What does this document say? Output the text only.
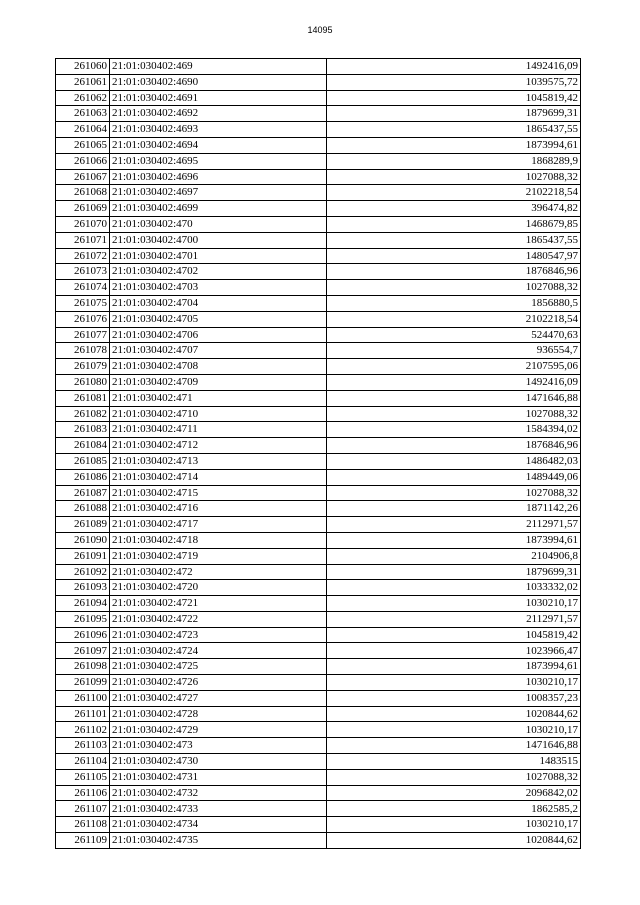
14095
261060	21:01:030402:469	1492416,09
261061	21:01:030402:4690	1039575,72
261062	21:01:030402:4691	1045819,42
261063	21:01:030402:4692	1879699,31
261064	21:01:030402:4693	1865437,55
261065	21:01:030402:4694	1873994,61
261066	21:01:030402:4695	1868289,9
261067	21:01:030402:4696	1027088,32
261068	21:01:030402:4697	2102218,54
261069	21:01:030402:4699	396474,82
261070	21:01:030402:470	1468679,85
261071	21:01:030402:4700	1865437,55
261072	21:01:030402:4701	1480547,97
261073	21:01:030402:4702	1876846,96
261074	21:01:030402:4703	1027088,32
261075	21:01:030402:4704	1856880,5
261076	21:01:030402:4705	2102218,54
261077	21:01:030402:4706	524470,63
261078	21:01:030402:4707	936554,7
261079	21:01:030402:4708	2107595,06
261080	21:01:030402:4709	1492416,09
261081	21:01:030402:471	1471646,88
261082	21:01:030402:4710	1027088,32
261083	21:01:030402:4711	1584394,02
261084	21:01:030402:4712	1876846,96
261085	21:01:030402:4713	1486482,03
261086	21:01:030402:4714	1489449,06
261087	21:01:030402:4715	1027088,32
261088	21:01:030402:4716	1871142,26
261089	21:01:030402:4717	2112971,57
261090	21:01:030402:4718	1873994,61
261091	21:01:030402:4719	2104906,8
261092	21:01:030402:472	1879699,31
261093	21:01:030402:4720	1033332,02
261094	21:01:030402:4721	1030210,17
261095	21:01:030402:4722	2112971,57
261096	21:01:030402:4723	1045819,42
261097	21:01:030402:4724	1023966,47
261098	21:01:030402:4725	1873994,61
261099	21:01:030402:4726	1030210,17
261100	21:01:030402:4727	1008357,23
261101	21:01:030402:4728	1020844,62
261102	21:01:030402:4729	1030210,17
261103	21:01:030402:473	1471646,88
261104	21:01:030402:4730	1483515
261105	21:01:030402:4731	1027088,32
261106	21:01:030402:4732	2096842,02
261107	21:01:030402:4733	1862585,2
261108	21:01:030402:4734	1030210,17
261109	21:01:030402:4735	1020844,62
